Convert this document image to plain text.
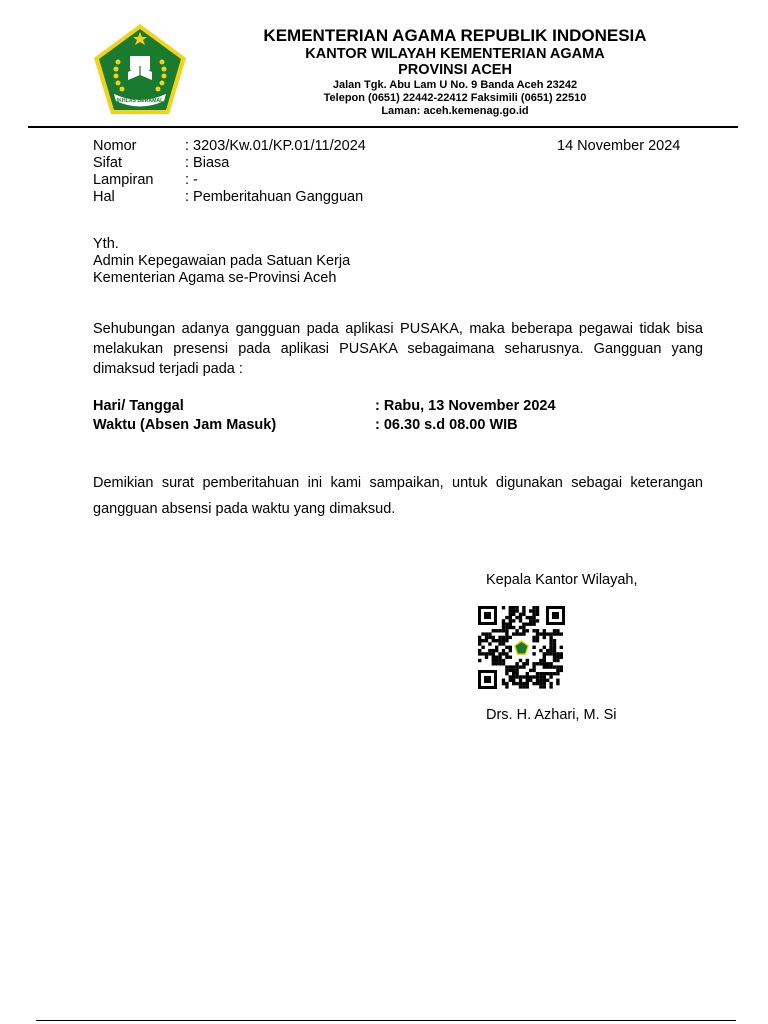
IKHLAS BERAMAL
KEMENTERIAN AGAMA REPUBLIK INDONESIA
KANTOR WILAYAH KEMENTERIAN AGAMA
PROVINSI ACEH
Jalan Tgk. Abu Lam U No. 9 Banda Aceh 23242
Telepon (0651) 22442-22412 Faksimili (0651) 22510
Laman: aceh.kemenag.go.id
Nomor	: 3203/Kw.01/KP.01/11/2024
Sifat	: Biasa
Lampiran	: -
Hal	: Pemberitahuan Gangguan
14 November 2024
Yth.
Admin Kepegawaian pada Satuan Kerja
Kementerian Agama se-Provinsi Aceh
Sehubungan adanya gangguan pada aplikasi PUSAKA, maka beberapa pegawai tidak bisa melakukan presensi pada aplikasi PUSAKA sebagaimana seharusnya. Gangguan yang dimaksud terjadi pada :
Hari/ Tanggal	: Rabu, 13 November 2024
Waktu (Absen Jam Masuk)	: 06.30 s.d 08.00 WIB
Demikian surat pemberitahuan ini kami sampaikan, untuk digunakan sebagai keterangan gangguan absensi pada waktu yang dimaksud.
Kepala Kantor Wilayah,
Drs. H. Azhari, M. Si
